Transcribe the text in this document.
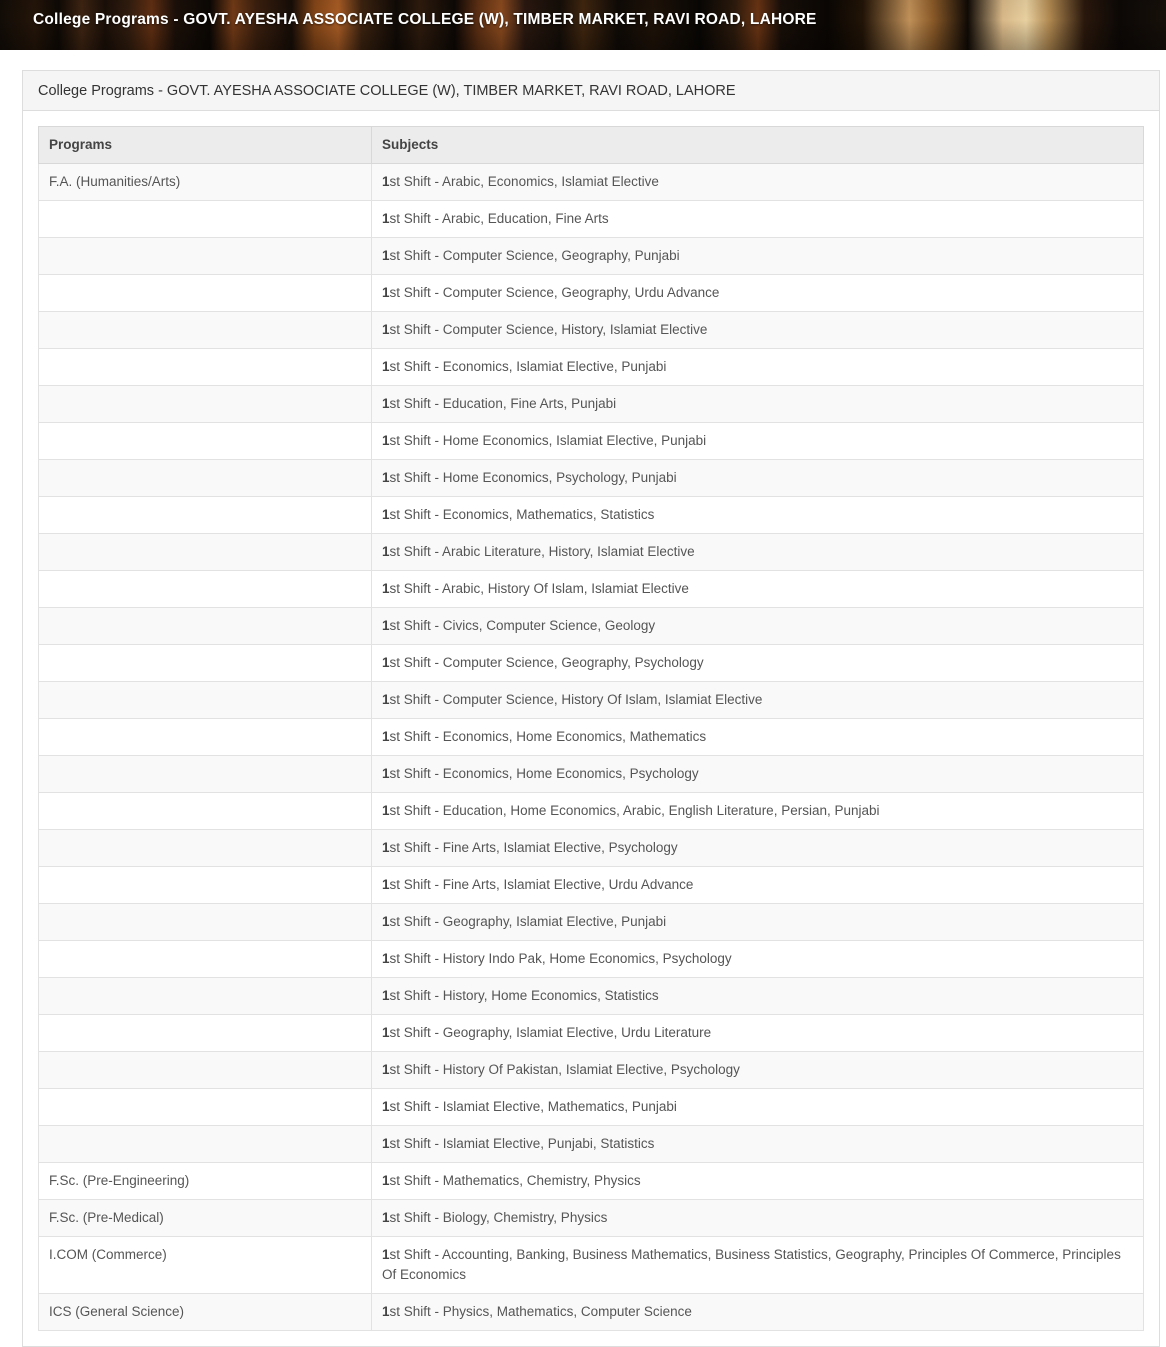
College Programs - GOVT. AYESHA ASSOCIATE COLLEGE (W), TIMBER MARKET, RAVI ROAD, LAHORE
College Programs - GOVT. AYESHA ASSOCIATE COLLEGE (W), TIMBER MARKET, RAVI ROAD, LAHORE
Programs	Subjects
F.A. (Humanities/Arts)	1st Shift - Arabic, Economics, Islamiat Elective
	1st Shift - Arabic, Education, Fine Arts
	1st Shift - Computer Science, Geography, Punjabi
	1st Shift - Computer Science, Geography, Urdu Advance
	1st Shift - Computer Science, History, Islamiat Elective
	1st Shift - Economics, Islamiat Elective, Punjabi
	1st Shift - Education, Fine Arts, Punjabi
	1st Shift - Home Economics, Islamiat Elective, Punjabi
	1st Shift - Home Economics, Psychology, Punjabi
	1st Shift - Economics, Mathematics, Statistics
	1st Shift - Arabic Literature, History, Islamiat Elective
	1st Shift - Arabic, History Of Islam, Islamiat Elective
	1st Shift - Civics, Computer Science, Geology
	1st Shift - Computer Science, Geography, Psychology
	1st Shift - Computer Science, History Of Islam, Islamiat Elective
	1st Shift - Economics, Home Economics, Mathematics
	1st Shift - Economics, Home Economics, Psychology
	1st Shift - Education, Home Economics, Arabic, English Literature, Persian, Punjabi
	1st Shift - Fine Arts, Islamiat Elective, Psychology
	1st Shift - Fine Arts, Islamiat Elective, Urdu Advance
	1st Shift - Geography, Islamiat Elective, Punjabi
	1st Shift - History Indo Pak, Home Economics, Psychology
	1st Shift - History, Home Economics, Statistics
	1st Shift - Geography, Islamiat Elective, Urdu Literature
	1st Shift - History Of Pakistan, Islamiat Elective, Psychology
	1st Shift - Islamiat Elective, Mathematics, Punjabi
	1st Shift - Islamiat Elective, Punjabi, Statistics
F.Sc. (Pre-Engineering)	1st Shift - Mathematics, Chemistry, Physics
F.Sc. (Pre-Medical)	1st Shift - Biology, Chemistry, Physics
I.COM (Commerce)	1st Shift - Accounting, Banking, Business Mathematics, Business Statistics, Geography, Principles Of Commerce, Principles Of Economics
ICS (General Science)	1st Shift - Physics, Mathematics, Computer Science
